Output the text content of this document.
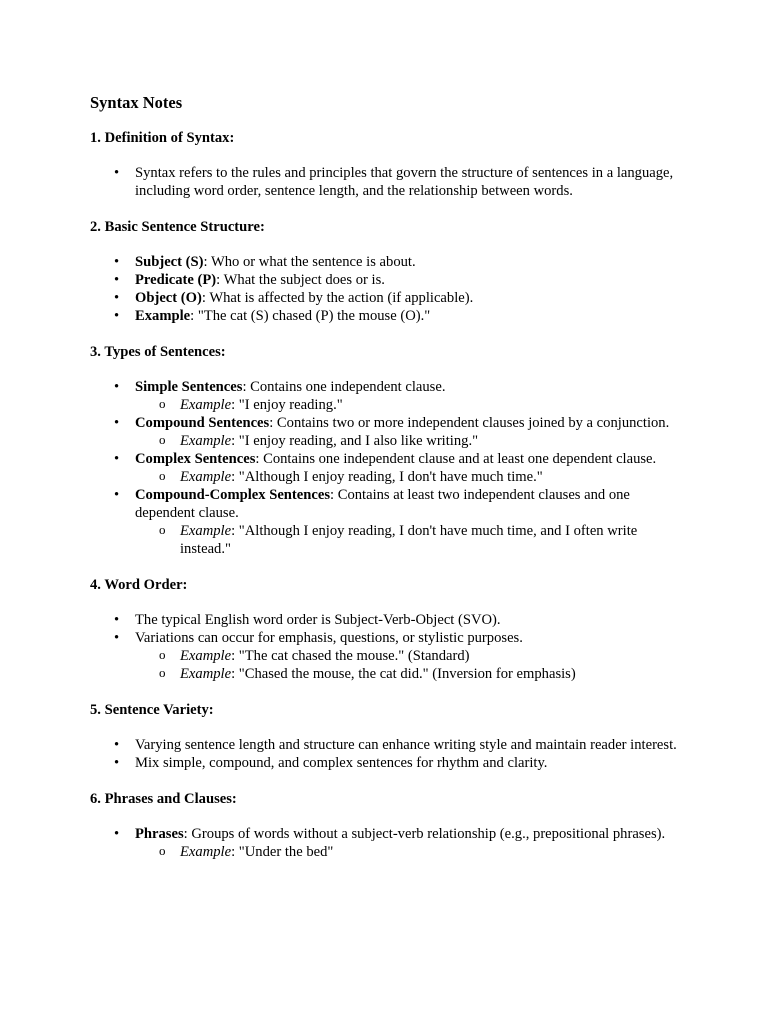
Syntax Notes
1. Definition of Syntax:
•	Syntax refers to the rules and principles that govern the structure of sentences in a language, including word order, sentence length, and the relationship between words.
2. Basic Sentence Structure:
•	Subject (S): Who or what the sentence is about.
•	Predicate (P): What the subject does or is.
•	Object (O): What is affected by the action (if applicable).
•	Example: "The cat (S) chased (P) the mouse (O)."
3. Types of Sentences:
•	Simple Sentences: Contains one independent clause.
o Example: "I enjoy reading."
•	Compound Sentences: Contains two or more independent clauses joined by a conjunction.
o Example: "I enjoy reading, and I also like writing."
•	Complex Sentences: Contains one independent clause and at least one dependent clause.
o Example: "Although I enjoy reading, I don't have much time."
•	Compound-Complex Sentences: Contains at least two independent clauses and one dependent clause.
o Example: "Although I enjoy reading, I don't have much time, and I often write instead."
4. Word Order:
•	The typical English word order is Subject-Verb-Object (SVO).
•	Variations can occur for emphasis, questions, or stylistic purposes.
o Example: "The cat chased the mouse." (Standard)
o Example: "Chased the mouse, the cat did." (Inversion for emphasis)
5. Sentence Variety:
•	Varying sentence length and structure can enhance writing style and maintain reader interest.
•	Mix simple, compound, and complex sentences for rhythm and clarity.
6. Phrases and Clauses:
•	Phrases: Groups of words without a subject-verb relationship (e.g., prepositional phrases).
o Example: "Under the bed"
